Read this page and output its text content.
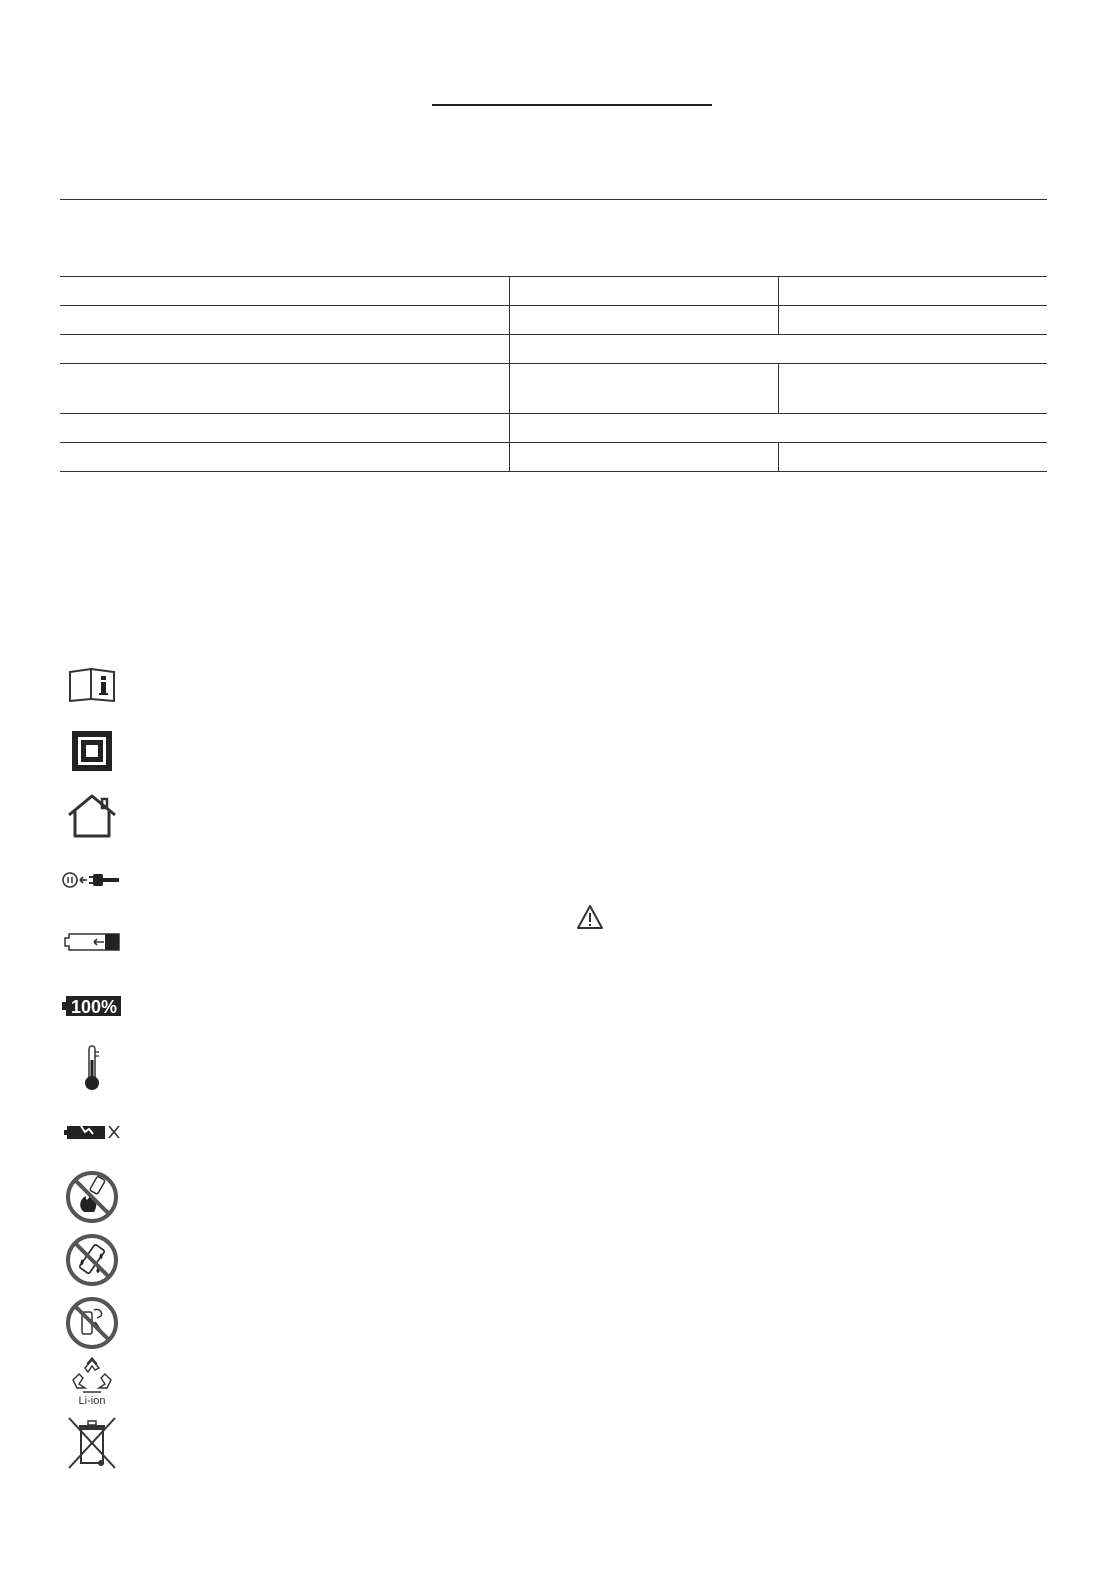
100%
Li-ion
